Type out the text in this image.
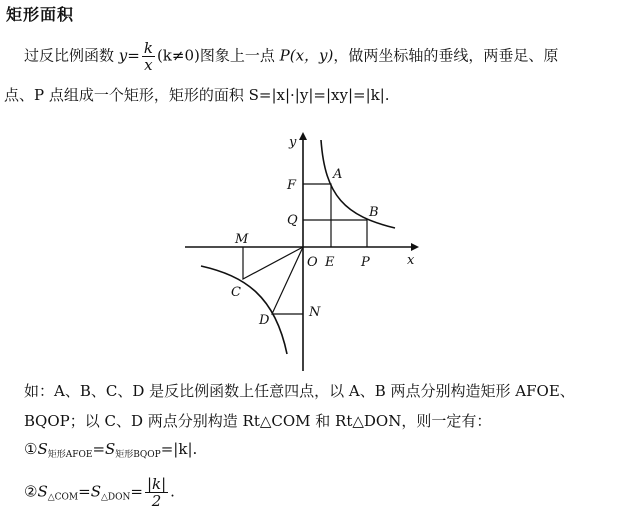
矩形面积
过反比例函数 $y= \frac{k}{x} (k\ne 0)$图象上一点 P(x，y)，做两坐标轴的垂线，两垂足、原
点、P 点组成一个矩形，矩形的面积 S=|x|·|y|=|xy|=|k|.
y
x
O
A
B
C
D
E P
F
Q
M
N
如：A、B、C、D 是反比例函数上任意四点，以 A、B 两点分别构造矩形 AFOE、
BQOP；以 C、D 两点分别构造 Rt△COM 和 Rt△DON，则一定有：
$①S_{矩形AFOE}=S_{矩形BQOP}=|k|$.
$②S_{\triangle COM}=S_{\triangle DON}= \frac{|k|}{2}$ .
